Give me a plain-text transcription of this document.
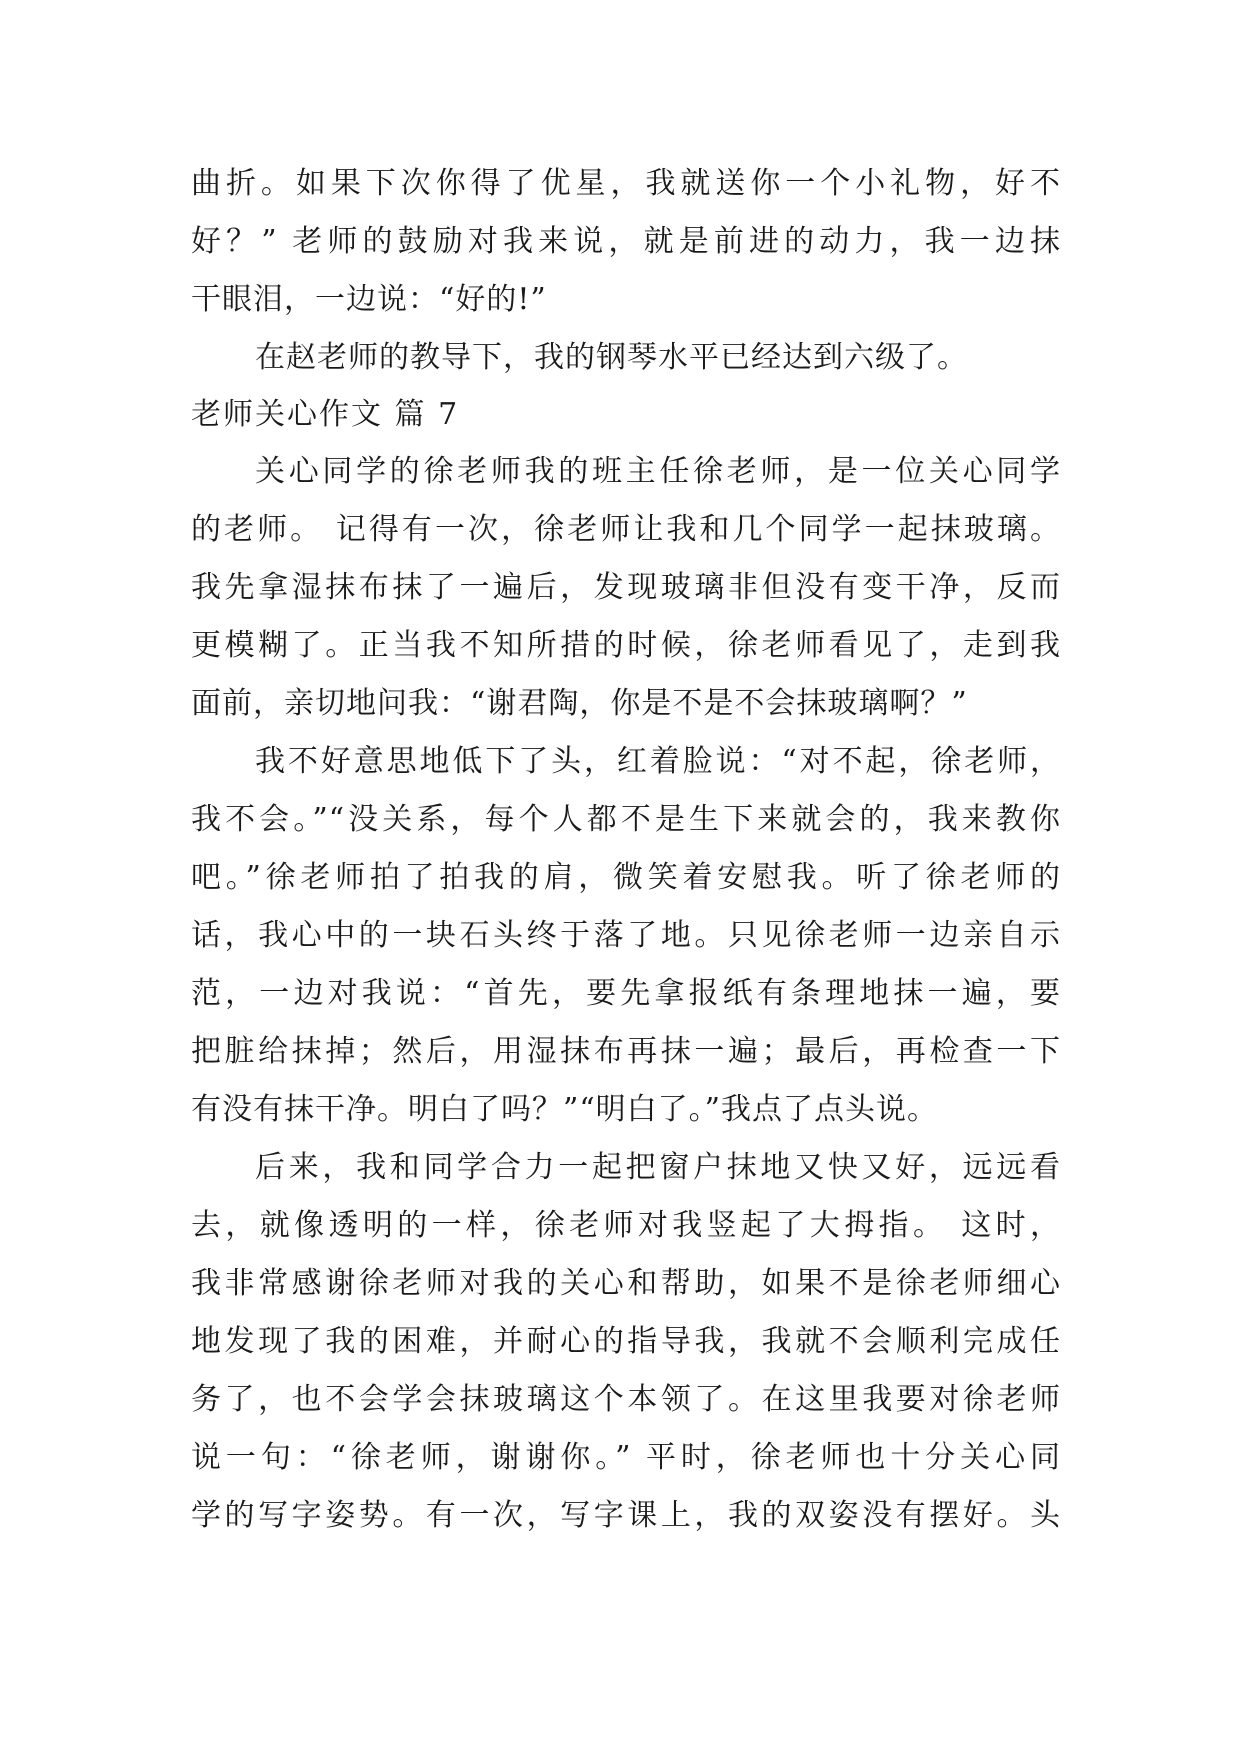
曲折。如果下次你得了优星，我就送你一个小礼物，好不
好？” 老师的鼓励对我来说，就是前进的动力，我一边抹
干眼泪，一边说：“好的!”
在赵老师的教导下，我的钢琴水平已经达到六级了。
老师关心作文 篇 7
关心同学的徐老师我的班主任徐老师，是一位关心同学
的老师。 记得有一次，徐老师让我和几个同学一起抹玻璃。
我先拿湿抹布抹了一遍后，发现玻璃非但没有变干净，反而
更模糊了。正当我不知所措的时候，徐老师看见了，走到我
面前，亲切地问我：“谢君陶，你是不是不会抹玻璃啊？”
我不好意思地低下了头，红着脸说：“对不起，徐老师，
我不会。”“没关系，每个人都不是生下来就会的，我来教你
吧。”徐老师拍了拍我的肩，微笑着安慰我。听了徐老师的
话，我心中的一块石头终于落了地。只见徐老师一边亲自示
范，一边对我说：“首先，要先拿报纸有条理地抹一遍，要
把脏给抹掉；然后，用湿抹布再抹一遍；最后，再检查一下
有没有抹干净。明白了吗？”“明白了。”我点了点头说。
后来，我和同学合力一起把窗户抹地又快又好，远远看
去，就像透明的一样，徐老师对我竖起了大拇指。 这时，
我非常感谢徐老师对我的关心和帮助，如果不是徐老师细心
地发现了我的困难，并耐心的指导我，我就不会顺利完成任
务了，也不会学会抹玻璃这个本领了。在这里我要对徐老师
说一句：“徐老师，谢谢你。” 平时，徐老师也十分关心同
学的写字姿势。有一次，写字课上，我的双姿没有摆好。头
